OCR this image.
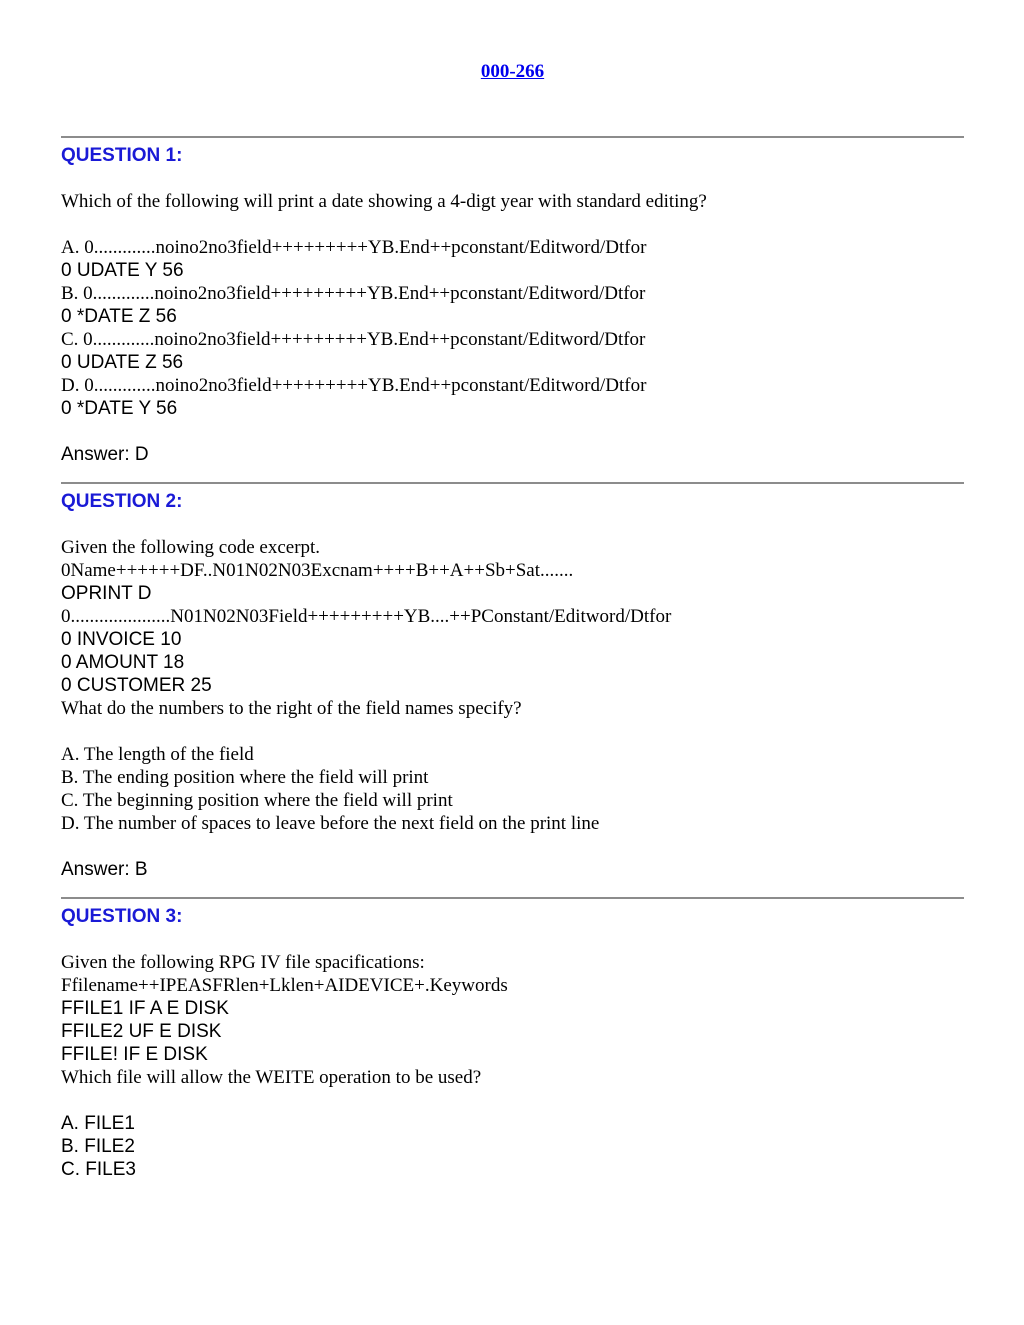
000-266
QUESTION 1:
Which of the following will print a date showing a 4-digt year with standard editing?
A. 0.............noino2no3field+++++++++YB.End++pconstant/Editword/Dtfor
0 UDATE Y 56
B. 0.............noino2no3field+++++++++YB.End++pconstant/Editword/Dtfor
0 *DATE Z 56
C. 0.............noino2no3field+++++++++YB.End++pconstant/Editword/Dtfor
0 UDATE Z 56
D. 0.............noino2no3field+++++++++YB.End++pconstant/Editword/Dtfor
0 *DATE Y 56
Answer: D
QUESTION 2:
Given the following code excerpt.
0Name++++++DF..N01N02N03Excnam++++B++A++Sb+Sat.......
OPRINT D
0.....................N01N02N03Field+++++++++YB....++PConstant/Editword/Dtfor
0 INVOICE 10
0 AMOUNT 18
0 CUSTOMER 25
What do the numbers to the right of the field names specify?
A. The length of the field
B. The ending position where the field will print
C. The beginning position where the field will print
D. The number of spaces to leave before the next field on the print line
Answer: B
QUESTION 3:
Given the following RPG IV file spacifications:
Ffilename++IPEASFRlen+Lklen+AIDEVICE+.Keywords
FFILE1 IF A E DISK
FFILE2 UF E DISK
FFILE! IF E DISK
Which file will allow the WEITE operation to be used?
A. FILE1
B. FILE2
C. FILE3
